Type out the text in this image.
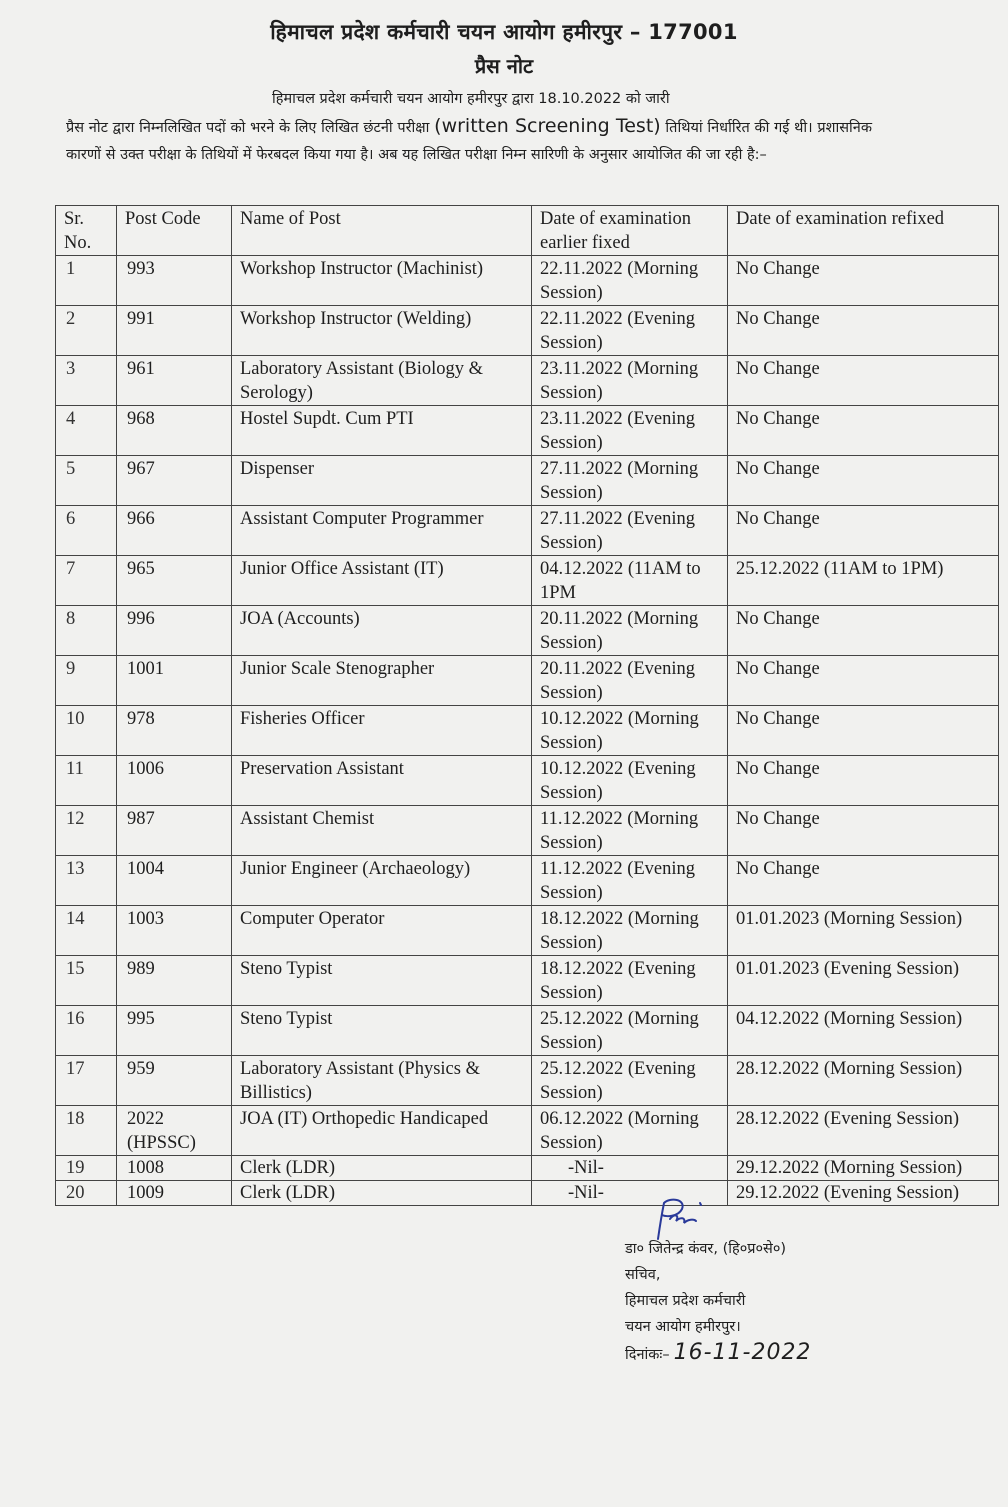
हिमाचल प्रदेश कर्मचारी चयन आयोग हमीरपुर – 177001
प्रैस नोट
हिमाचल प्रदेश कर्मचारी चयन आयोग हमीरपुर द्वारा 18.10.2022 को जारी
प्रैस नोट द्वारा निम्नलिखित पदों को भरने के लिए लिखित छंटनी परीक्षा (written Screening Test) तिथियां निर्धारित की गई थी। प्रशासनिक कारणों से उक्त परीक्षा के तिथियों में फेरबदल किया गया है। अब यह लिखित परीक्षा निम्न सारिणी के अनुसार आयोजित की जा रही है:–
Sr. No.	Post Code	Name of Post	Date of examination earlier fixed	Date of examination refixed
1	993	Workshop Instructor (Machinist)	22.11.2022 (Morning Session)	No Change
2	991	Workshop Instructor (Welding)	22.11.2022 (Evening Session)	No Change
3	961	Laboratory Assistant (Biology & Serology)	23.11.2022 (Morning Session)	No Change
4	968	Hostel Supdt. Cum PTI	23.11.2022 (Evening Session)	No Change
5	967	Dispenser	27.11.2022 (Morning Session)	No Change
6	966	Assistant Computer Programmer	27.11.2022 (Evening Session)	No Change
7	965	Junior Office Assistant (IT)	04.12.2022 (11AM to 1PM	25.12.2022 (11AM to 1PM)
8	996	JOA (Accounts)	20.11.2022 (Morning Session)	No Change
9	1001	Junior Scale Stenographer	20.11.2022 (Evening Session)	No Change
10	978	Fisheries Officer	10.12.2022 (Morning Session)	No Change
11	1006	Preservation Assistant	10.12.2022 (Evening Session)	No Change
12	987	Assistant Chemist	11.12.2022 (Morning Session)	No Change
13	1004	Junior Engineer (Archaeology)	11.12.2022 (Evening Session)	No Change
14	1003	Computer Operator	18.12.2022 (Morning Session)	01.01.2023 (Morning Session)
15	989	Steno Typist	18.12.2022 (Evening Session)	01.01.2023 (Evening Session)
16	995	Steno Typist	25.12.2022 (Morning Session)	04.12.2022 (Morning Session)
17	959	Laboratory Assistant (Physics & Billistics)	25.12.2022 (Evening Session)	28.12.2022 (Morning Session)
18	2022 (HPSSC)	JOA (IT) Orthopedic Handicaped	06.12.2022 (Morning Session)	28.12.2022 (Evening Session)
19	1008	Clerk (LDR)	-Nil-	29.12.2022 (Morning Session)
20	1009	Clerk (LDR)	-Nil-	29.12.2022 (Evening Session)
डा० जितेन्द्र कंवर, (हि०प्र०से०)
सचिव,
हिमाचल प्रदेश कर्मचारी
चयन आयोग हमीरपुर।
दिनांकः– 16-11-2022
